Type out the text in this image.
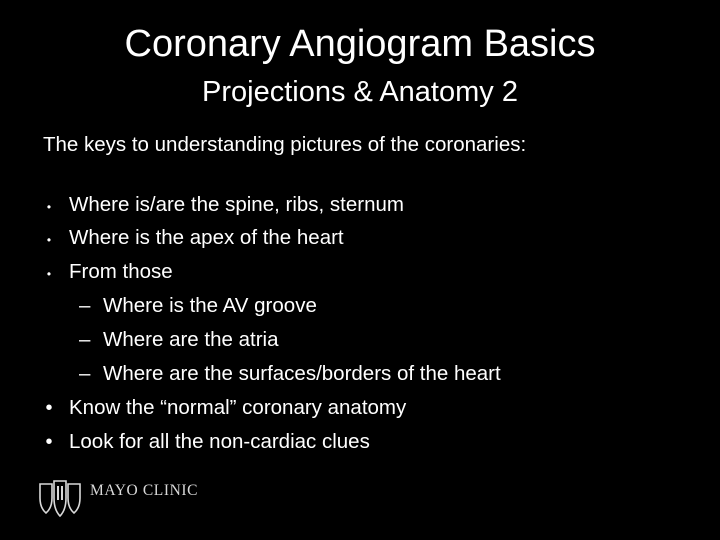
Coronary Angiogram Basics
Projections & Anatomy 2
The keys to understanding pictures of the coronaries:
• Where is/are the spine, ribs, sternum
• Where is the apex of the heart
• From those
– Where is the AV groove
– Where are the atria
– Where are the surfaces/borders of the heart
• Know the “normal” coronary anatomy
• Look for all the non-cardiac clues
MAYO CLINIC
